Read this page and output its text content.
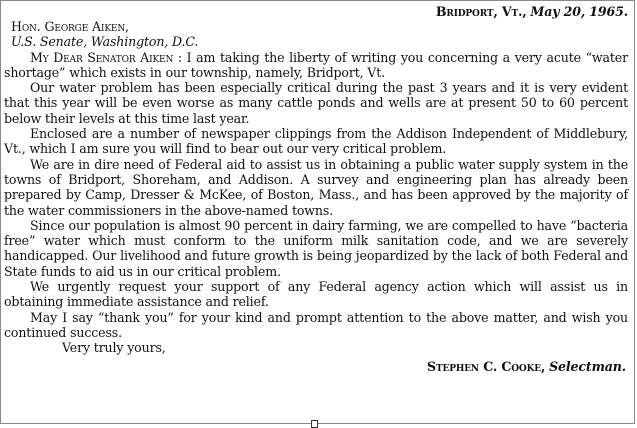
Bridport, Vt., May 20, 1965.
Hon. George Aiken,
U.S. Senate, Washington, D.C.

My Dear Senator Aiken : I am taking the liberty of writing you concerning a very acute “water shortage” which exists in our township, namely, Bridport, Vt.

Our water problem has been especially critical during the past 3 years and it is very evident that this year will be even worse as many cattle ponds and wells are at present 50 to 60 percent below their levels at this time last year.

Enclosed are a number of newspaper clippings from the Addison Independent of Middlebury, Vt., which I am sure you will find to bear out our very critical problem.

We are in dire need of Federal aid to assist us in obtaining a public water supply system in the towns of Bridport, Shoreham, and Addison. A survey and engineering plan has already been prepared by Camp, Dresser & McKee, of Boston, Mass., and has been approved by the majority of the water commissioners in the above-named towns.

Since our population is almost 90 percent in dairy farming, we are compelled to have “bacteria free” water which must conform to the uniform milk sanitation code, and we are severely handicapped. Our livelihood and future growth is being jeopardized by the lack of both Federal and State funds to aid us in our critical problem.

We urgently request your support of any Federal agency action which will assist us in obtaining immediate assistance and relief.

May I say “thank you” for your kind and prompt attention to the above matter, and wish you continued success.

Very truly yours,
Stephen C. Cooke, Selectman.
